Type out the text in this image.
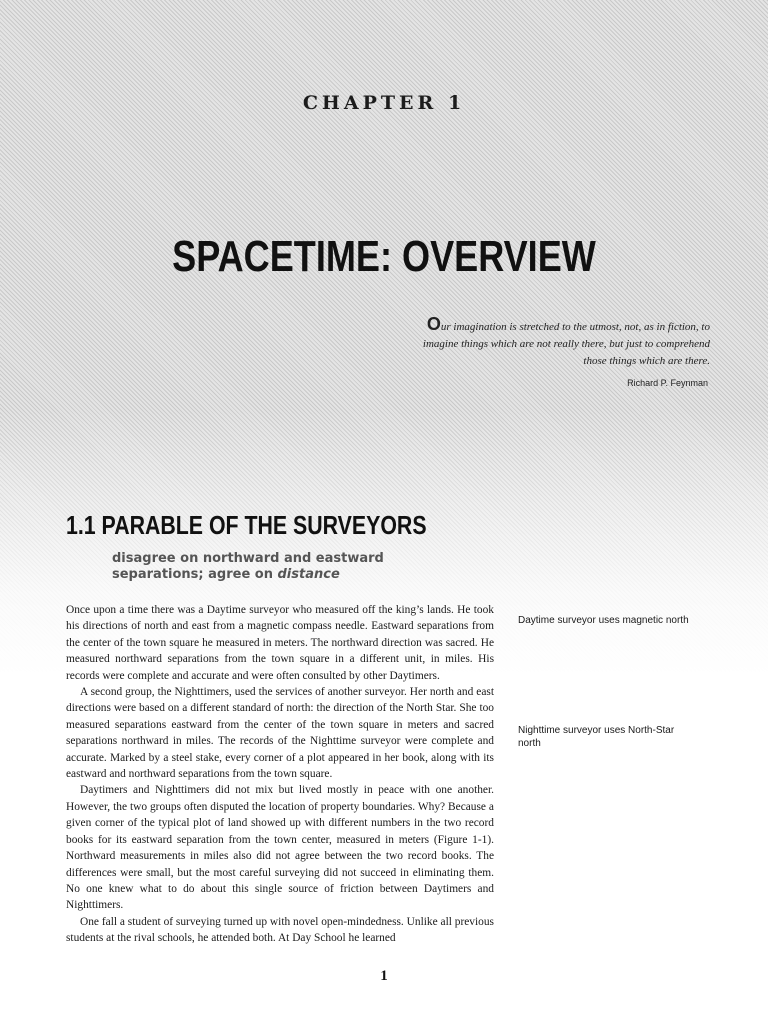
CHAPTER 1
SPACETIME: OVERVIEW
Our imagination is stretched to the utmost, not, as in fiction, to imagine things which are not really there, but just to comprehend those things which are there.
Richard P. Feynman
1.1 PARABLE OF THE SURVEYORS
disagree on northward and eastward separations; agree on distance

Once upon a time there was a Daytime surveyor who measured off the king’s lands. He took his directions of north and east from a magnetic compass needle. Eastward separations from the center of the town square he measured in meters. The northward direction was sacred. He measured northward separations from the town square in a different unit, in miles. His records were complete and accurate and were often consulted by other Daytimers.

A second group, the Nighttimers, used the services of another surveyor. Her north and east directions were based on a different standard of north: the direction of the North Star. She too measured separations eastward from the center of the town square in meters and sacred separations northward in miles. The records of the Nighttime surveyor were complete and accurate. Marked by a steel stake, every corner of a plot appeared in her book, along with its eastward and northward separations from the town square.

Daytimers and Nighttimers did not mix but lived mostly in peace with one another. However, the two groups often disputed the location of property boundaries. Why? Because a given corner of the typical plot of land showed up with different numbers in the two record books for its eastward separation from the town center, measured in meters (Figure 1-1). Northward measurements in miles also did not agree between the two record books. The differences were small, but the most careful surveying did not succeed in eliminating them. No one knew what to do about this single source of friction between Daytimers and Nighttimers.

One fall a student of surveying turned up with novel open-mindedness. Unlike all previous students at the rival schools, he attended both. At Day School he learned

Daytime surveyor uses magnetic north
Nighttime surveyor uses North-Star north
1
